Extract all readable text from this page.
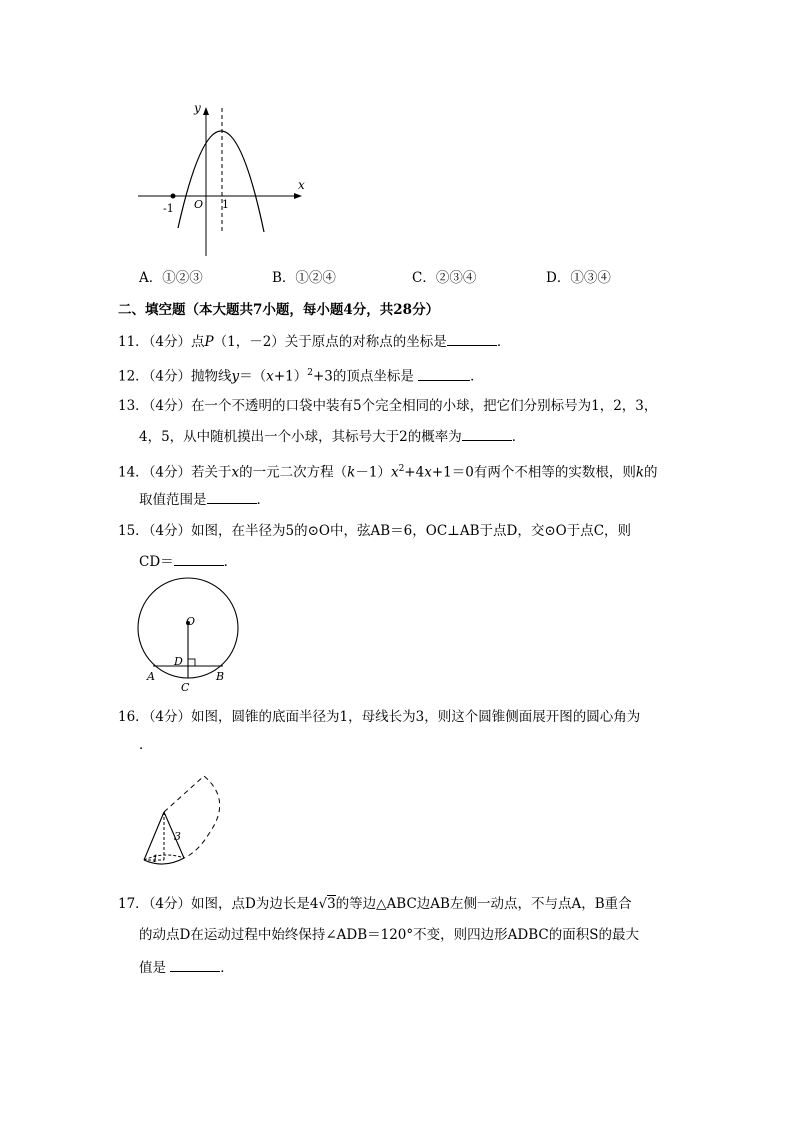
y
x
-1 O 1
A．①②③	B．①②④	C．②③④	D．①③④
二、填空题（本大题共7小题，每小题4分，共28分）
11．（4分）点P（1，－2）关于原点的对称点的坐标是	．
12．（4分）抛物线$y=(x+1)^2+3$的顶点坐标是	．
13．（4分）在一个不透明的口袋中装有5个完全相同的小球，把它们分别标号为1，2，3，
4，5，从中随机摸出一个小球，其标号大于2的概率为	．
14．（4分）若关于x的一元二次方程$(k-1)x^2+4x+1=0$有两个不相等的实数根，则k的
取值范围是	．
15．（4分）如图，在半径为5的⊙O中，弦AB＝6，OC⊥AB于点D，交⊙O于点C，则
CD＝	．
O
D
A
C
B
16．（4分）如图，圆锥的底面半径为1，母线长为3，则这个圆锥侧面展开图的圆心角为
．
3
1
17．（4分）如图，点D为边长是4√3的等边△ABC边AB左侧一动点，不与点A，B重合
的动点D在运动过程中始终保持∠ADB＝120°不变，则四边形ADBC的面积S的最大
值是	．
